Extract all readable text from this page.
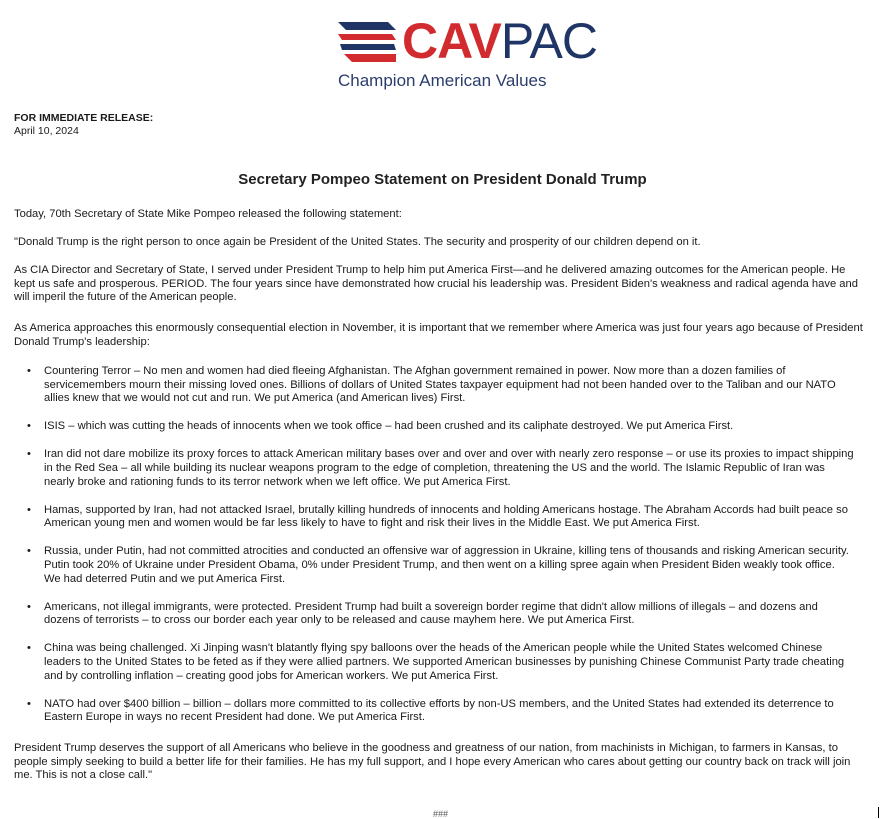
CAVPAC
Champion American Values
FOR IMMEDIATE RELEASE:
April 10, 2024
Secretary Pompeo Statement on President Donald Trump

Today, 70th Secretary of State Mike Pompeo released the following statement:

"Donald Trump is the right person to once again be President of the United States. The security and prosperity of our children depend on it.

As CIA Director and Secretary of State, I served under President Trump to help him put America First—and he delivered amazing outcomes for the American people. He kept us safe and prosperous. PERIOD. The four years since have demonstrated how crucial his leadership was. President Biden's weakness and radical agenda have and will imperil the future of the American people.

As America approaches this enormously consequential election in November, it is important that we remember where America was just four years ago because of President Donald Trump's leadership:

• Countering Terror – No men and women had died fleeing Afghanistan. The Afghan government remained in power. Now more than a dozen families of servicemembers mourn their missing loved ones. Billions of dollars of United States taxpayer equipment had not been handed over to the Taliban and our NATO allies knew that we would not cut and run. We put America (and American lives) First.
• ISIS – which was cutting the heads of innocents when we took office – had been crushed and its caliphate destroyed. We put America First.
• Iran did not dare mobilize its proxy forces to attack American military bases over and over and over with nearly zero response – or use its proxies to impact shipping in the Red Sea – all while building its nuclear weapons program to the edge of completion, threatening the US and the world. The Islamic Republic of Iran was nearly broke and rationing funds to its terror network when we left office. We put America First.
• Hamas, supported by Iran, had not attacked Israel, brutally killing hundreds of innocents and holding Americans hostage. The Abraham Accords had built peace so American young men and women would be far less likely to have to fight and risk their lives in the Middle East. We put America First.
• Russia, under Putin, had not committed atrocities and conducted an offensive war of aggression in Ukraine, killing tens of thousands and risking American security. Putin took 20% of Ukraine under President Obama, 0% under President Trump, and then went on a killing spree again when President Biden weakly took office. We had deterred Putin and we put America First.
• Americans, not illegal immigrants, were protected. President Trump had built a sovereign border regime that didn't allow millions of illegals – and dozens and dozens of terrorists – to cross our border each year only to be released and cause mayhem here. We put America First.
• China was being challenged. Xi Jinping wasn't blatantly flying spy balloons over the heads of the American people while the United States welcomed Chinese leaders to the United States to be feted as if they were allied partners. We supported American businesses by punishing Chinese Communist Party trade cheating and by controlling inflation – creating good jobs for American workers. We put America First.
• NATO had over $400 billion – billion – dollars more committed to its collective efforts by non-US members, and the United States had extended its deterrence to Eastern Europe in ways no recent President had done. We put America First.

President Trump deserves the support of all Americans who believe in the goodness and greatness of our nation, from machinists in Michigan, to farmers in Kansas, to people simply seeking to build a better life for their families. He has my full support, and I hope every American who cares about getting our country back on track will join me. This is not a close call."

###
